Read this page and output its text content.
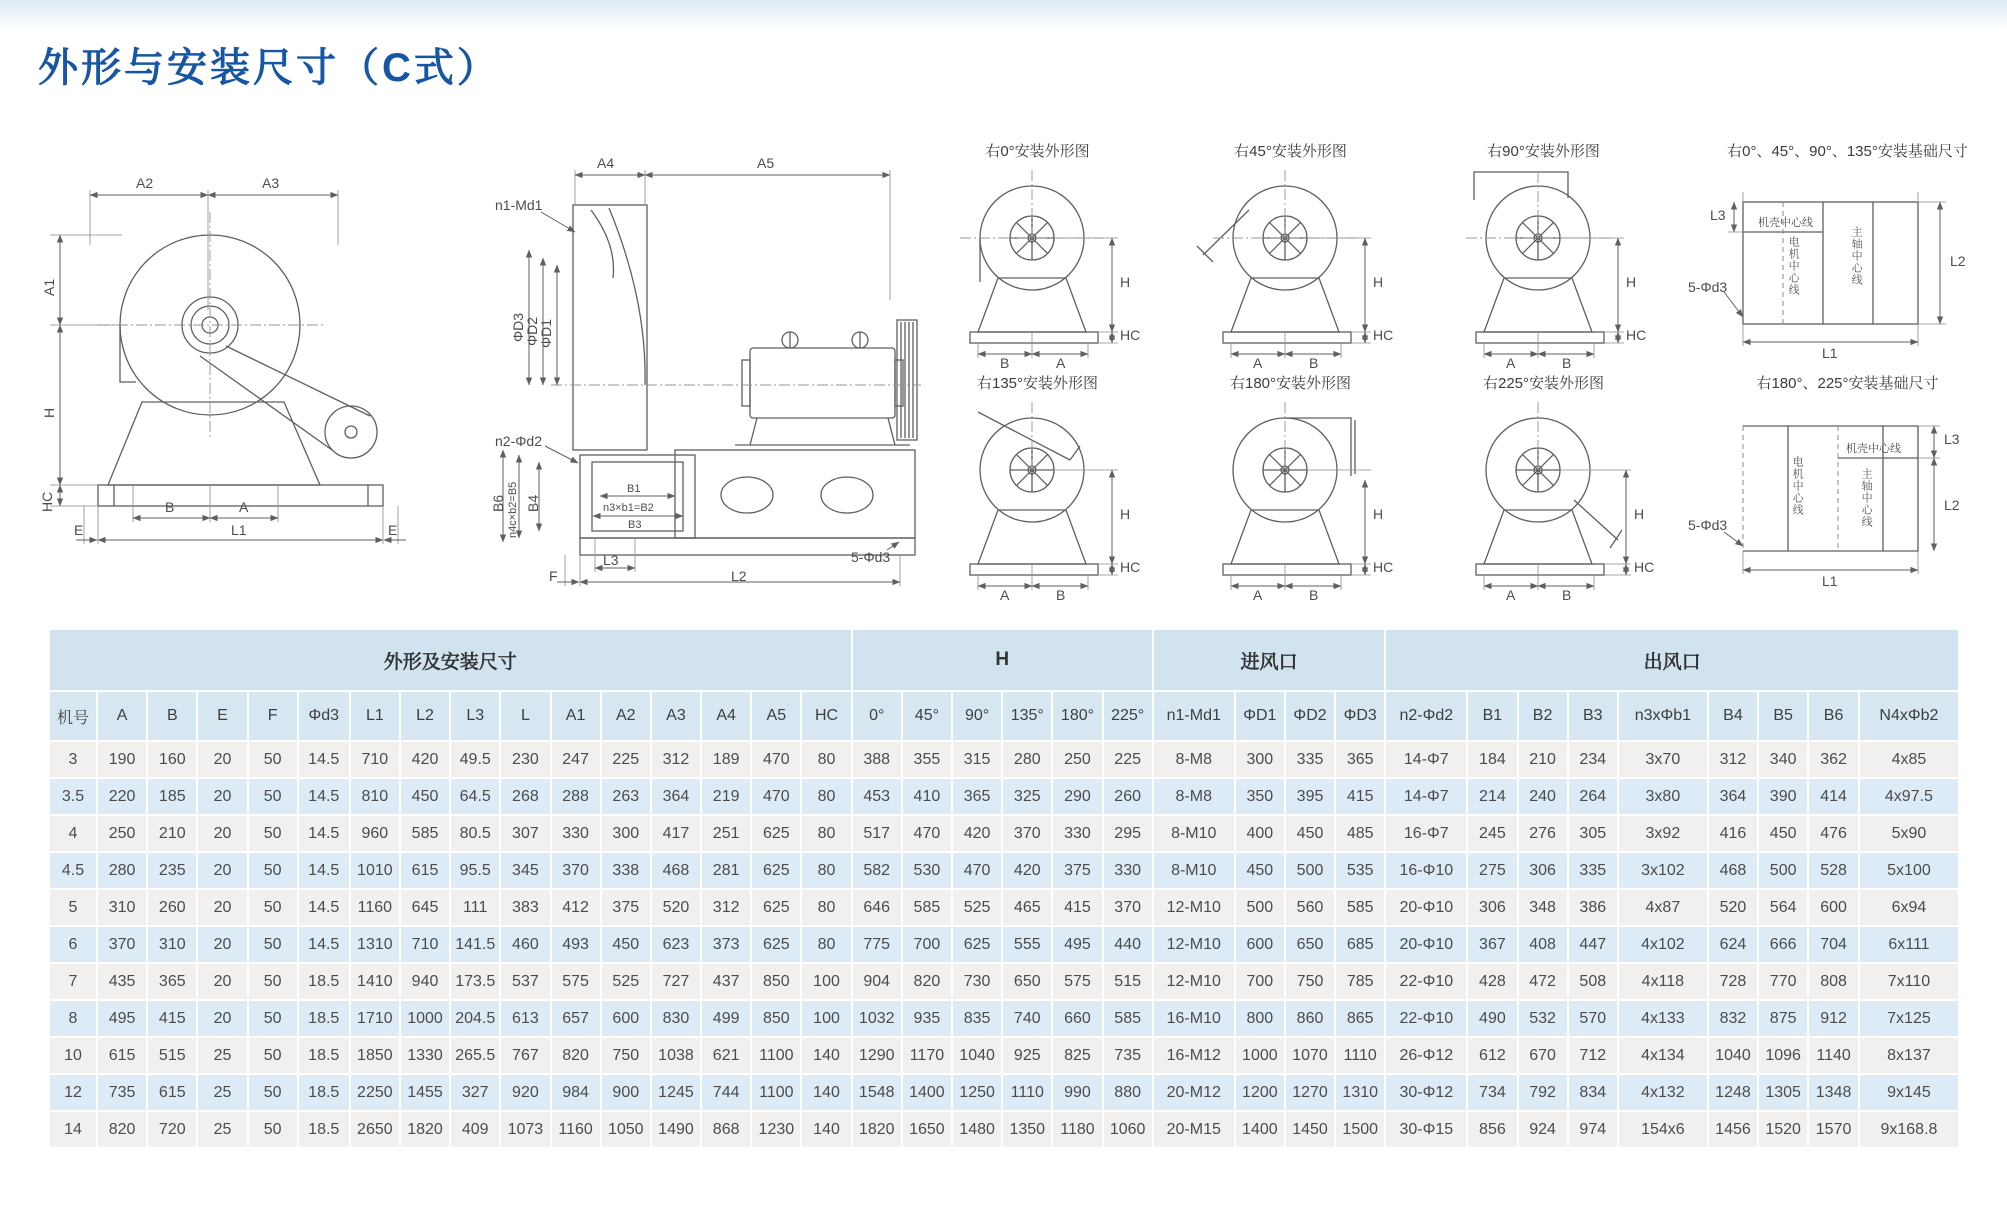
外形与安装尺寸（C式）
A2	A3
A1
H
HC	B	A
E	L1	E
n1-Md1
A4	A5
ΦD3
ΦD2
ΦD1
n2-Φd2
B6 n4c×b2=B5 B4
B1
n3×b1=B2
B3
L3
F	L2
5-Φd3
右0°安装外形图
H
HC
B	A
右45°安装外形图
H
HC
A	B
右90°安装外形图
H
HC
A	B
右135°安装外形图
H
HC
A	B
右180°安装外形图
H
HC
A	B
右225°安装外形图
H
HC
A	B
右0°、45°、90°、135°安装基础尺寸
L3	机壳中心线
电机中心线	主轴中心线	L2
L1
5-Φd3
右180°、225°安装基础尺寸
L3
机壳中心线
电机中心线	主轴中心线	L2
L1
5-Φd3
外形及安装尺寸																H						进风口				出风口								
机号	A	B	E	F	Φd3	L1	L2	L3	L	A1	A2	A3	A4	A5	HC	0°	45°	90°	135°	180°	225°	n1-Md1	ΦD1	ΦD2	ΦD3	n2-Φd2	B1	B2	B3	n3xΦb1	B4	B5	B6	N4xΦb2
3	190	160	20	50	14.5	710	420	49.5	230	247	225	312	189	470	80	388	355	315	280	250	225	8-M8	300	335	365	14-Φ7	184	210	234	3x70	312	340	362	4x85
3.5	220	185	20	50	14.5	810	450	64.5	268	288	263	364	219	470	80	453	410	365	325	290	260	8-M8	350	395	415	14-Φ7	214	240	264	3x80	364	390	414	4x97.5
4	250	210	20	50	14.5	960	585	80.5	307	330	300	417	251	625	80	517	470	420	370	330	295	8-M10	400	450	485	16-Φ7	245	276	305	3x92	416	450	476	5x90
4.5	280	235	20	50	14.5	1010	615	95.5	345	370	338	468	281	625	80	582	530	470	420	375	330	8-M10	450	500	535	16-Φ10	275	306	335	3x102	468	500	528	5x100
5	310	260	20	50	14.5	1160	645	111	383	412	375	520	312	625	80	646	585	525	465	415	370	12-M10	500	560	585	20-Φ10	306	348	386	4x87	520	564	600	6x94
6	370	310	20	50	14.5	1310	710	141.5	460	493	450	623	373	625	80	775	700	625	555	495	440	12-M10	600	650	685	20-Φ10	367	408	447	4x102	624	666	704	6x111
7	435	365	20	50	18.5	1410	940	173.5	537	575	525	727	437	850	100	904	820	730	650	575	515	12-M10	700	750	785	22-Φ10	428	472	508	4x118	728	770	808	7x110
8	495	415	20	50	18.5	1710	1000	204.5	613	657	600	830	499	850	100	1032	935	835	740	660	585	16-M10	800	860	865	22-Φ10	490	532	570	4x133	832	875	912	7x125
10	615	515	25	50	18.5	1850	1330	265.5	767	820	750	1038	621	1100	140	1290	1170	1040	925	825	735	16-M12	1000	1070	1110	26-Φ12	612	670	712	4x134	1040	1096	1140	8x137
12	735	615	25	50	18.5	2250	1455	327	920	984	900	1245	744	1100	140	1548	1400	1250	1110	990	880	20-M12	1200	1270	1310	30-Φ12	734	792	834	4x132	1248	1305	1348	9x145
14	820	720	25	50	18.5	2650	1820	409	1073	1160	1050	1490	868	1230	140	1820	1650	1480	1350	1180	1060	20-M15	1400	1450	1500	30-Φ15	856	924	974	154x6	1456	1520	1570	9x168.8
